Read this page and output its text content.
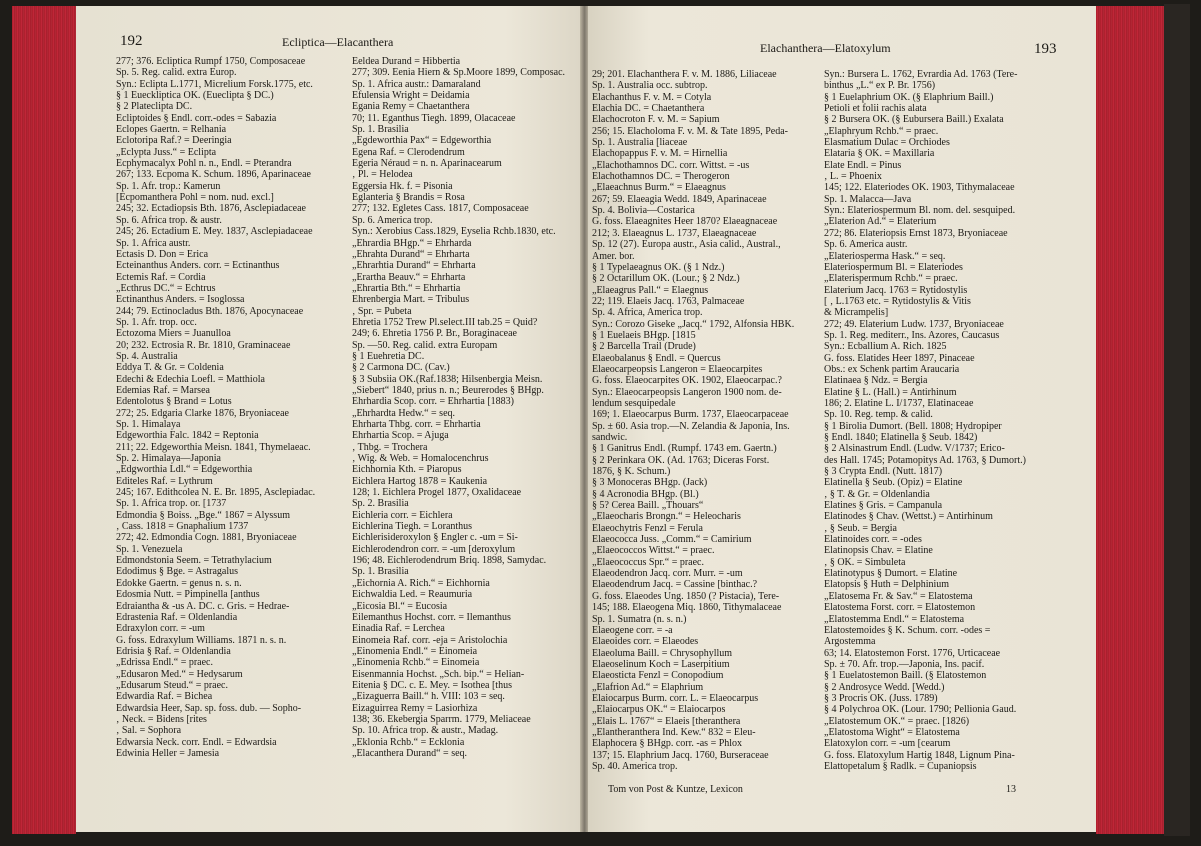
192	Ecliptica—Elacanthera
277; 376. Ecliptica Rumpf 1750, Composaceae
Sp. 5. Reg. calid. extra Europ.
Syn.: Eclipta L.1771, Micrelium Forsk.1775, etc.
§ 1 Eueckliptica OK. (Eueclipta § DC.)
§ 2 Plateclipta DC.
Ecliptoides § Endl. corr.-odes = Sabazia
Eclopes Gaertn. = Relhania
Eclotoripa Raf.? = Deeringia
„Eclypta Juss.“ = Eclipta
Ecphymacalyx Pohl n. n., Endl. = Pterandra
267; 133. Ecpoma K. Schum. 1896, Aparinaceae
Sp. 1. Afr. trop.: Kamerun
[Ecpomanthera Pohl = nom. nud. excl.]
245; 32. Ectadiopsis Bth. 1876, Asclepiadaceae
Sp. 6. Africa trop. & austr.
245; 26. Ectadium E. Mey. 1837, Asclepiadaceae
Sp. 1. Africa austr.
Ectasis D. Don = Erica
Ecteinanthus Anders. corr. = Ectinanthus
Ectemis Raf. = Cordia
„Ecthrus DC.“ = Echtrus
Ectinanthus Anders. = Isoglossa
244; 79. Ectinocladus Bth. 1876, Apocynaceae
Sp. 1. Afr. trop. occ.
Ectozoma Miers = Juanulloa
20; 232. Ectrosia R. Br. 1810, Graminaceae
Sp. 4. Australia
Eddya T. & Gr. = Coldenia
Edechi & Edechia Loefl. = Matthiola
Edemias Raf. = Marsea
Edentolotus § Brand = Lotus
272; 25. Edgaria Clarke 1876, Bryoniaceae
Sp. 1. Himalaya
Edgeworthia Falc. 1842 = Reptonia
211; 22. Edgeworthia Meisn. 1841, Thymelaeac.
Sp. 2. Himalaya—Japonia
„Edgworthia Ldl.“ = Edgeworthia
Editeles Raf. = Lythrum
245; 167. Edithcolea N. E. Br. 1895, Asclepiadac.
Sp. 1. Africa trop. or. [1737
Edmondia § Boiss. „Bge.“ 1867 = Alyssum
‚ Cass. 1818 = Gnaphalium 1737
272; 42. Edmondia Cogn. 1881, Bryoniaceae
Sp. 1. Venezuela
Edmondstonia Seem. = Tetrathylacium
Edodimus § Bge. = Astragalus
Edokke Gaertn. = genus n. s. n.
Edosmia Nutt. = Pimpinella [anthus
Edraiantha & -us A. DC. c. Gris. = Hedrae-
Edrastenia Raf. = Oldenlandia
Edraxylon corr. = -um
G. foss. Edraxylum Williams. 1871 n. s. n.
Edrisia § Raf. = Oldenlandia
„Edrissa Endl.“ = praec.
„Edusaron Med.“ = Hedysarum
„Edusarum Steud.“ = praec.
Edwardia Raf. = Bichea
Edwardsia Heer, Sap. sp. foss. dub. — Sopho-
‚ Neck. = Bidens [rites
‚ Sal. = Sophora
Edwarsia Neck. corr. Endl. = Edwardsia
Edwinia Heller = Jamesia
Eeldea Durand = Hibbertia
277; 309. Eenia Hiern & Sp.Moore 1899, Composac.
Sp. 1. Africa austr.: Damaraland
Efulensia Wright = Deidamia
Egania Remy = Chaetanthera
70; 11. Eganthus Tiegh. 1899, Olacaceae
Sp. 1. Brasilia
„Egdeworthia Pax“ = Edgeworthia
Egena Raf. = Clerodendrum
Egeria Néraud = n. n. Aparinacearum
‚ Pl. = Helodea
Eggersia Hk. f. = Pisonia
Eglanteria § Brandis = Rosa
277; 132. Egletes Cass. 1817, Composaceae
Sp. 6. America trop.
Syn.: Xerobius Cass.1829, Eyselia Rchb.1830, etc.
„Ehrardia BHgp.“ = Ehrharda
„Ehrahta Durand“ = Ehrharta
„Ehrarhtia Durand“ = Ehrharta
„Erartha Beauv.“ = Ehrharta
„Ehrartia Bth.“ = Ehrhartia
Ehrenbergia Mart. = Tribulus
‚ Spr. = Pubeta
Ehretia 1752 Trew Pl.select.III tab.25 = Quid?
249; 6. Ehretia 1756 P. Br., Boraginaceae
Sp. —50. Reg. calid. extra Europam
§ 1 Euehretia DC.
§ 2 Carmona DC. (Cav.)
§ 3 Subsiia OK.(Raf.1838; Hilsenbergia Meisn.
„Siebert“ 1840, prius n. n.; Beurerodes § BHgp.
Ehrhardia Scop. corr. = Ehrhartia [1883)
„Ehrhardta Hedw.“ = seq.
Ehrharta Thbg. corr. = Ehrhartia
Ehrhartia Scop. = Ajuga
‚ Thbg. = Trochera
‚ Wig. & Web. = Homalocenchrus
Eichhornia Kth. = Piaropus
Eichlera Hartog 1878 = Kaukenia
128; 1. Eichlera Progel 1877, Oxalidaceae
Sp. 2. Brasilia
Eichleria corr. = Eichlera
Eichlerina Tiegh. = Loranthus
Eichlerisideroxylon § Engler c. -um = Si-
Eichlerodendron corr. = -um [deroxylum
196; 48. Eichlerodendrum Briq. 1898, Samydac.
Sp. 1. Brasilia
„Eichornia A. Rich.“ = Eichhornia
Eichwaldia Led. = Reaumuria
„Eicosia Bl.“ = Eucosia
Eilemanthus Hochst. corr. = Ilemanthus
Einadia Raf. = Lerchea
Einomeia Raf. corr. -eja = Aristolochia
„Einomenia Endl.“ = Einomeia
„Einomenia Rchb.“ = Einomeia
Eisenmannia Hochst. „Sch. bip.“ = Helian-
Eitenia § DC. c. E. Mey. = Isothea [thus
„Eizaguerra Baill.“ h. VIII: 103 = seq.
Eizaguirrea Remy = Lasiorhiza
138; 36. Ekebergia Sparrm. 1779, Meliaceae
Sp. 10. Africa trop. & austr., Madag.
„Eklonia Rchb.“ = Ecklonia
„Elacanthera Durand“ = seq.
Elachanthera—Elatoxylum	193
29; 201. Elachanthera F. v. M. 1886, Liliaceae
Sp. 1. Australia occ. subtrop.
Elachanthus F. v. M. = Cotyla
Elachia DC. = Chaetanthera
Elachocroton F. v. M. = Sapium
256; 15. Elacholoma F. v. M. & Tate 1895, Peda-
Sp. 1. Australia [liaceae
Elachopappus F. v. M. = Hirnellia
„Elachothamnos DC. corr. Wittst. = -us
Elachothamnos DC. = Therogeron
„Elaeachnus Burm.“ = Elaeagnus
267; 59. Elaeagia Wedd. 1849, Aparinaceae
Sp. 4. Bolivia—Costarica
G. foss. Elaeagnites Heer 1870? Elaeagnaceae
212; 3. Elaeagnus L. 1737, Elaeagnaceae
Sp. 12 (27). Europa austr., Asia calid., Austral.,
Amer. bor.
§ 1 Typelaeagnus OK. (§ 1 Ndz.)
§ 2 Octarillum OK. (Lour.; § 2 Ndz.)
„Elaeagrus Pall.“ = Elaegnus
22; 119. Elaeis Jacq. 1763, Palmaceae
Sp. 4. Africa, America trop.
Syn.: Corozo Giseke „Jacq.“ 1792, Alfonsia HBK.
§ 1 Euelaeis BHgp. [1815
§ 2 Barcella Trail (Drude)
Elaeobalanus § Endl. = Quercus
Elaeocarpeopsis Langeron = Elaeocarpites
G. foss. Elaeocarpites OK. 1902, Elaeocarpac.?
Syn.: Elaeocarpeopsis Langeron 1900 nom. de-
lendum sesquipedale
169; 1. Elaeocarpus Burm. 1737, Elaeocarpaceae
Sp. ± 60. Asia trop.—N. Zelandia & Japonia, Ins.
sandwic.
§ 1 Ganitrus Endl. (Rumpf. 1743 em. Gaertn.)
§ 2 Perinkara OK. (Ad. 1763; Diceras Forst.
1876, § K. Schum.)
§ 3 Monoceras BHgp. (Jack)
§ 4 Acronodia BHgp. (Bl.)
§ 5? Cerea Baill. „Thouars“
„Elaeocharis Brongn.“ = Heleocharis
Elaeochytris Fenzl = Ferula
Elaeococca Juss. „Comm.“ = Camirium
„Elaeococcos Wittst.“ = praec.
„Elaeococcus Spr.“ = praec.
Elaeodendron Jacq. corr. Murr. = -um
Elaeodendrum Jacq. = Cassine [binthac.?
G. foss. Elaeodes Ung. 1850 (? Pistacia), Tere-
145; 188. Elaeogena Miq. 1860, Tithymalaceae
Sp. 1. Sumatra (n. s. n.)
Elaeogene corr. = -a
Elaeoides corr. = Elaeodes
Elaeoluma Baill. = Chrysophyllum
Elaeoselinum Koch = Laserpitium
Elaeosticta Fenzl = Conopodium
„Elafrion Ad.“ = Elaphrium
Elaiocarpus Burm. corr. L. = Elaeocarpus
„Elaiocarpus OK.“ = Elaiocarpos
„Elais L. 1767“ = Elaeis [theranthera
„Elantheranthera Ind. Kew.“ 832 = Eleu-
Elaphocera § BHgp. corr. -as = Phlox
137; 15. Elaphrium Jacq. 1760, Burseraceae
Sp. 40. America trop.
Syn.: Bursera L. 1762, Evrardia Ad. 1763 (Tere-
binthus „L.“ ex P. Br. 1756)
§ 1 Euelaphrium OK. (§ Elaphrium Baill.)
Petioli et folii rachis alata
§ 2 Bursera OK. (§ Eubursera Baill.) Exalata
„Elaphryum Rchb.“ = praec.
Elasmatium Dulac = Orchiodes
Elataria § OK. = Maxillaria
Elate Endl. = Pinus
‚ L. = Phoenix
145; 122. Elateriodes OK. 1903, Tithymalaceae
Sp. 1. Malacca—Java
Syn.: Elateriospermum Bl. nom. del. sesquiped.
„Elaterion Ad.“ = Elaterium
272; 86. Elateriopsis Ernst 1873, Bryoniaceae
Sp. 6. America austr.
„Elateriosperma Hask.“ = seq.
Elateriospermum Bl. = Elateriodes
„Elaterispermum Rchb.“ = praec.
Elaterium Jacq. 1763 = Rytidostylis
[ ‚ L.1763 etc. = Rytidostylis & Vitis
& Micrampelis]
272; 49. Elaterium Ludw. 1737, Bryoniaceae
Sp. 1. Reg. mediterr., Ins. Azores, Caucasus
Syn.: Ecballium A. Rich. 1825
G. foss. Elatides Heer 1897, Pinaceae
Obs.: ex Schenk partim Araucaria
Elatinaea § Ndz. = Bergia
Elatine § L. (Hall.) = Antirhinum
186; 2. Elatine L. I/1737, Elatinaceae
Sp. 10. Reg. temp. & calid.
§ 1 Birolia Dumort. (Bell. 1808; Hydropiper
§ Endl. 1840; Elatinella § Seub. 1842)
§ 2 Alsinastrum Endl. (Ludw. V/1737; Erico-
des Hall. 1745; Potamopitys Ad. 1763, § Dumort.)
§ 3 Crypta Endl. (Nutt. 1817)
Elatinella § Seub. (Opiz) = Elatine
‚ § T. & Gr. = Oldenlandia
Elatines § Gris. = Campanula
Elatinodes § Chav. (Wettst.) = Antirhinum
‚ § Seub. = Bergia
Elatinoides corr. = -odes
Elatinopsis Chav. = Elatine
‚ § OK. = Simbuleta
Elatinotypus § Dumort. = Elatine
Elatopsis § Huth = Delphinium
„Elatosema Fr. & Sav.“ = Elatostema
Elatostema Forst. corr. = Elatostemon
„Elatostemma Endl.“ = Elatostema
Elatostemoides § K. Schum. corr. -odes =
Argostemma
63; 14. Elatostemon Forst. 1776, Urticaceae
Sp. ± 70. Afr. trop.—Japonia, Ins. pacif.
§ 1 Euelatostemon Baill. (§ Elatostemon
§ 2 Androsyce Wedd. [Wedd.)
§ 3 Procris OK. (Juss. 1789)
§ 4 Polychroa OK. (Lour. 1790; Pellionia Gaud.
„Elatostemum OK.“ = praec. [1826)
„Elatostoma Wight“ = Elatostema
Elatoxylon corr. = -um [cearum
G. foss. Elatoxylum Hartig 1848, Lignum Pina-
Elattopetalum § Radlk. = Cupaniopsis
Tom von Post & Kuntze, Lexicon	13
